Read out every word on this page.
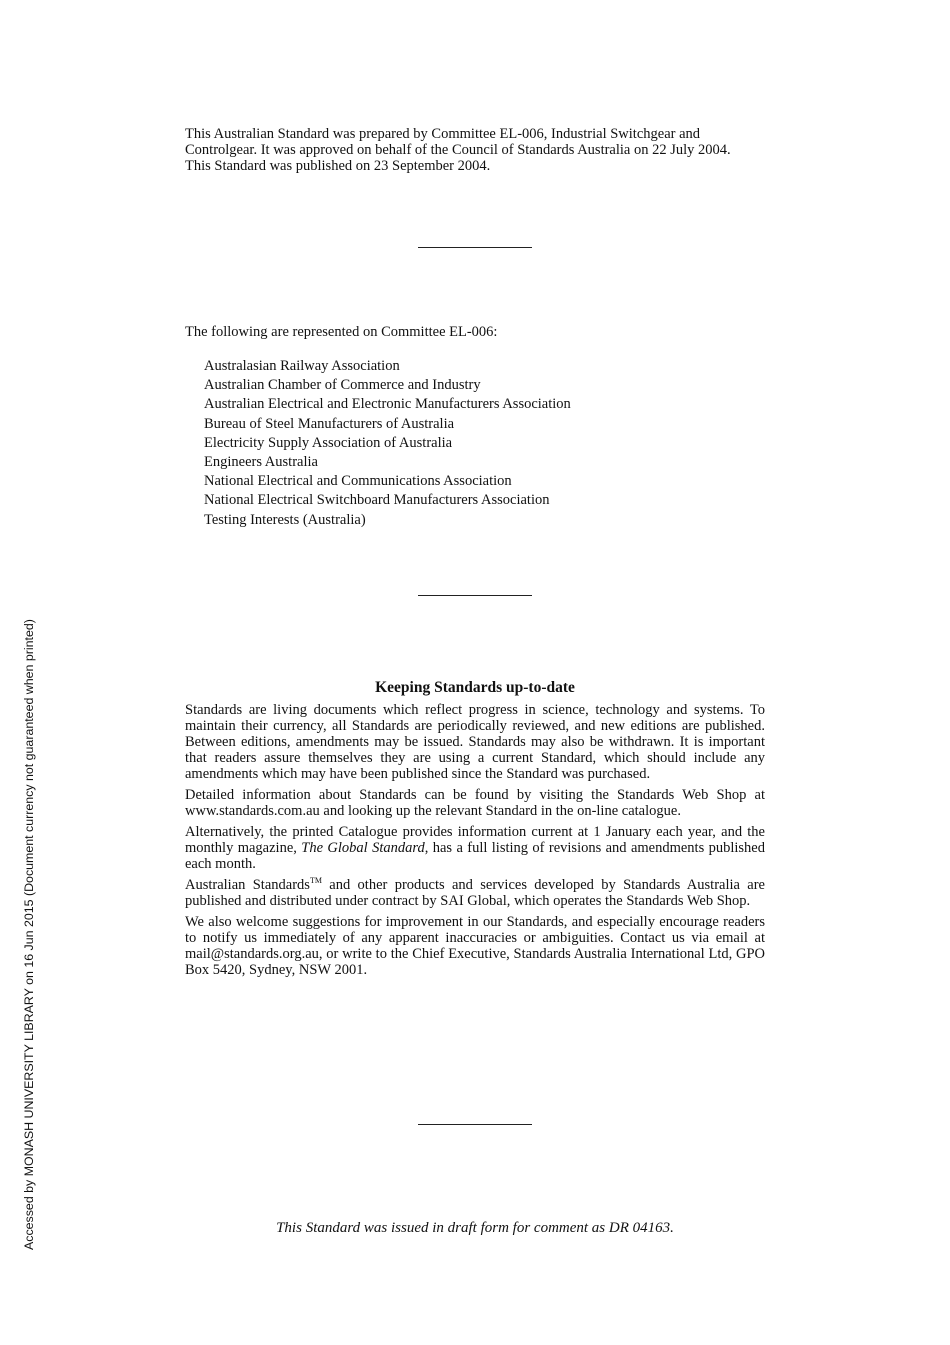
This Australian Standard was prepared by Committee EL-006, Industrial Switchgear and Controlgear. It was approved on behalf of the Council of Standards Australia on 22 July 2004.

This Standard was published on 23 September 2004.

The following are represented on Committee EL-006:

Australasian Railway Association
Australian Chamber of Commerce and Industry
Australian Electrical and Electronic Manufacturers Association
Bureau of Steel Manufacturers of Australia
Electricity Supply Association of Australia
Engineers Australia
National Electrical and Communications Association
National Electrical Switchboard Manufacturers Association
Testing Interests (Australia)
Keeping Standards up-to-date

Standards are living documents which reflect progress in science, technology and systems. To maintain their currency, all Standards are periodically reviewed, and new editions are published. Between editions, amendments may be issued. Standards may also be withdrawn. It is important that readers assure themselves they are using a current Standard, which should include any amendments which may have been published since the Standard was purchased.

Detailed information about Standards can be found by visiting the Standards Web Shop at www.standards.com.au and looking up the relevant Standard in the on-line catalogue.

Alternatively, the printed Catalogue provides information current at 1 January each year, and the monthly magazine, The Global Standard, has a full listing of revisions and amendments published each month.

Australian Standards™ and other products and services developed by Standards Australia are published and distributed under contract by SAI Global, which operates the Standards Web Shop.

We also welcome suggestions for improvement in our Standards, and especially encourage readers to notify us immediately of any apparent inaccuracies or ambiguities. Contact us via email at mail@standards.org.au, or write to the Chief Executive, Standards Australia International Ltd, GPO Box 5420, Sydney, NSW 2001.

This Standard was issued in draft form for comment as DR 04163.
Accessed by MONASH UNIVERSITY LIBRARY on 16 Jun 2015 (Document currency not guaranteed when printed)
